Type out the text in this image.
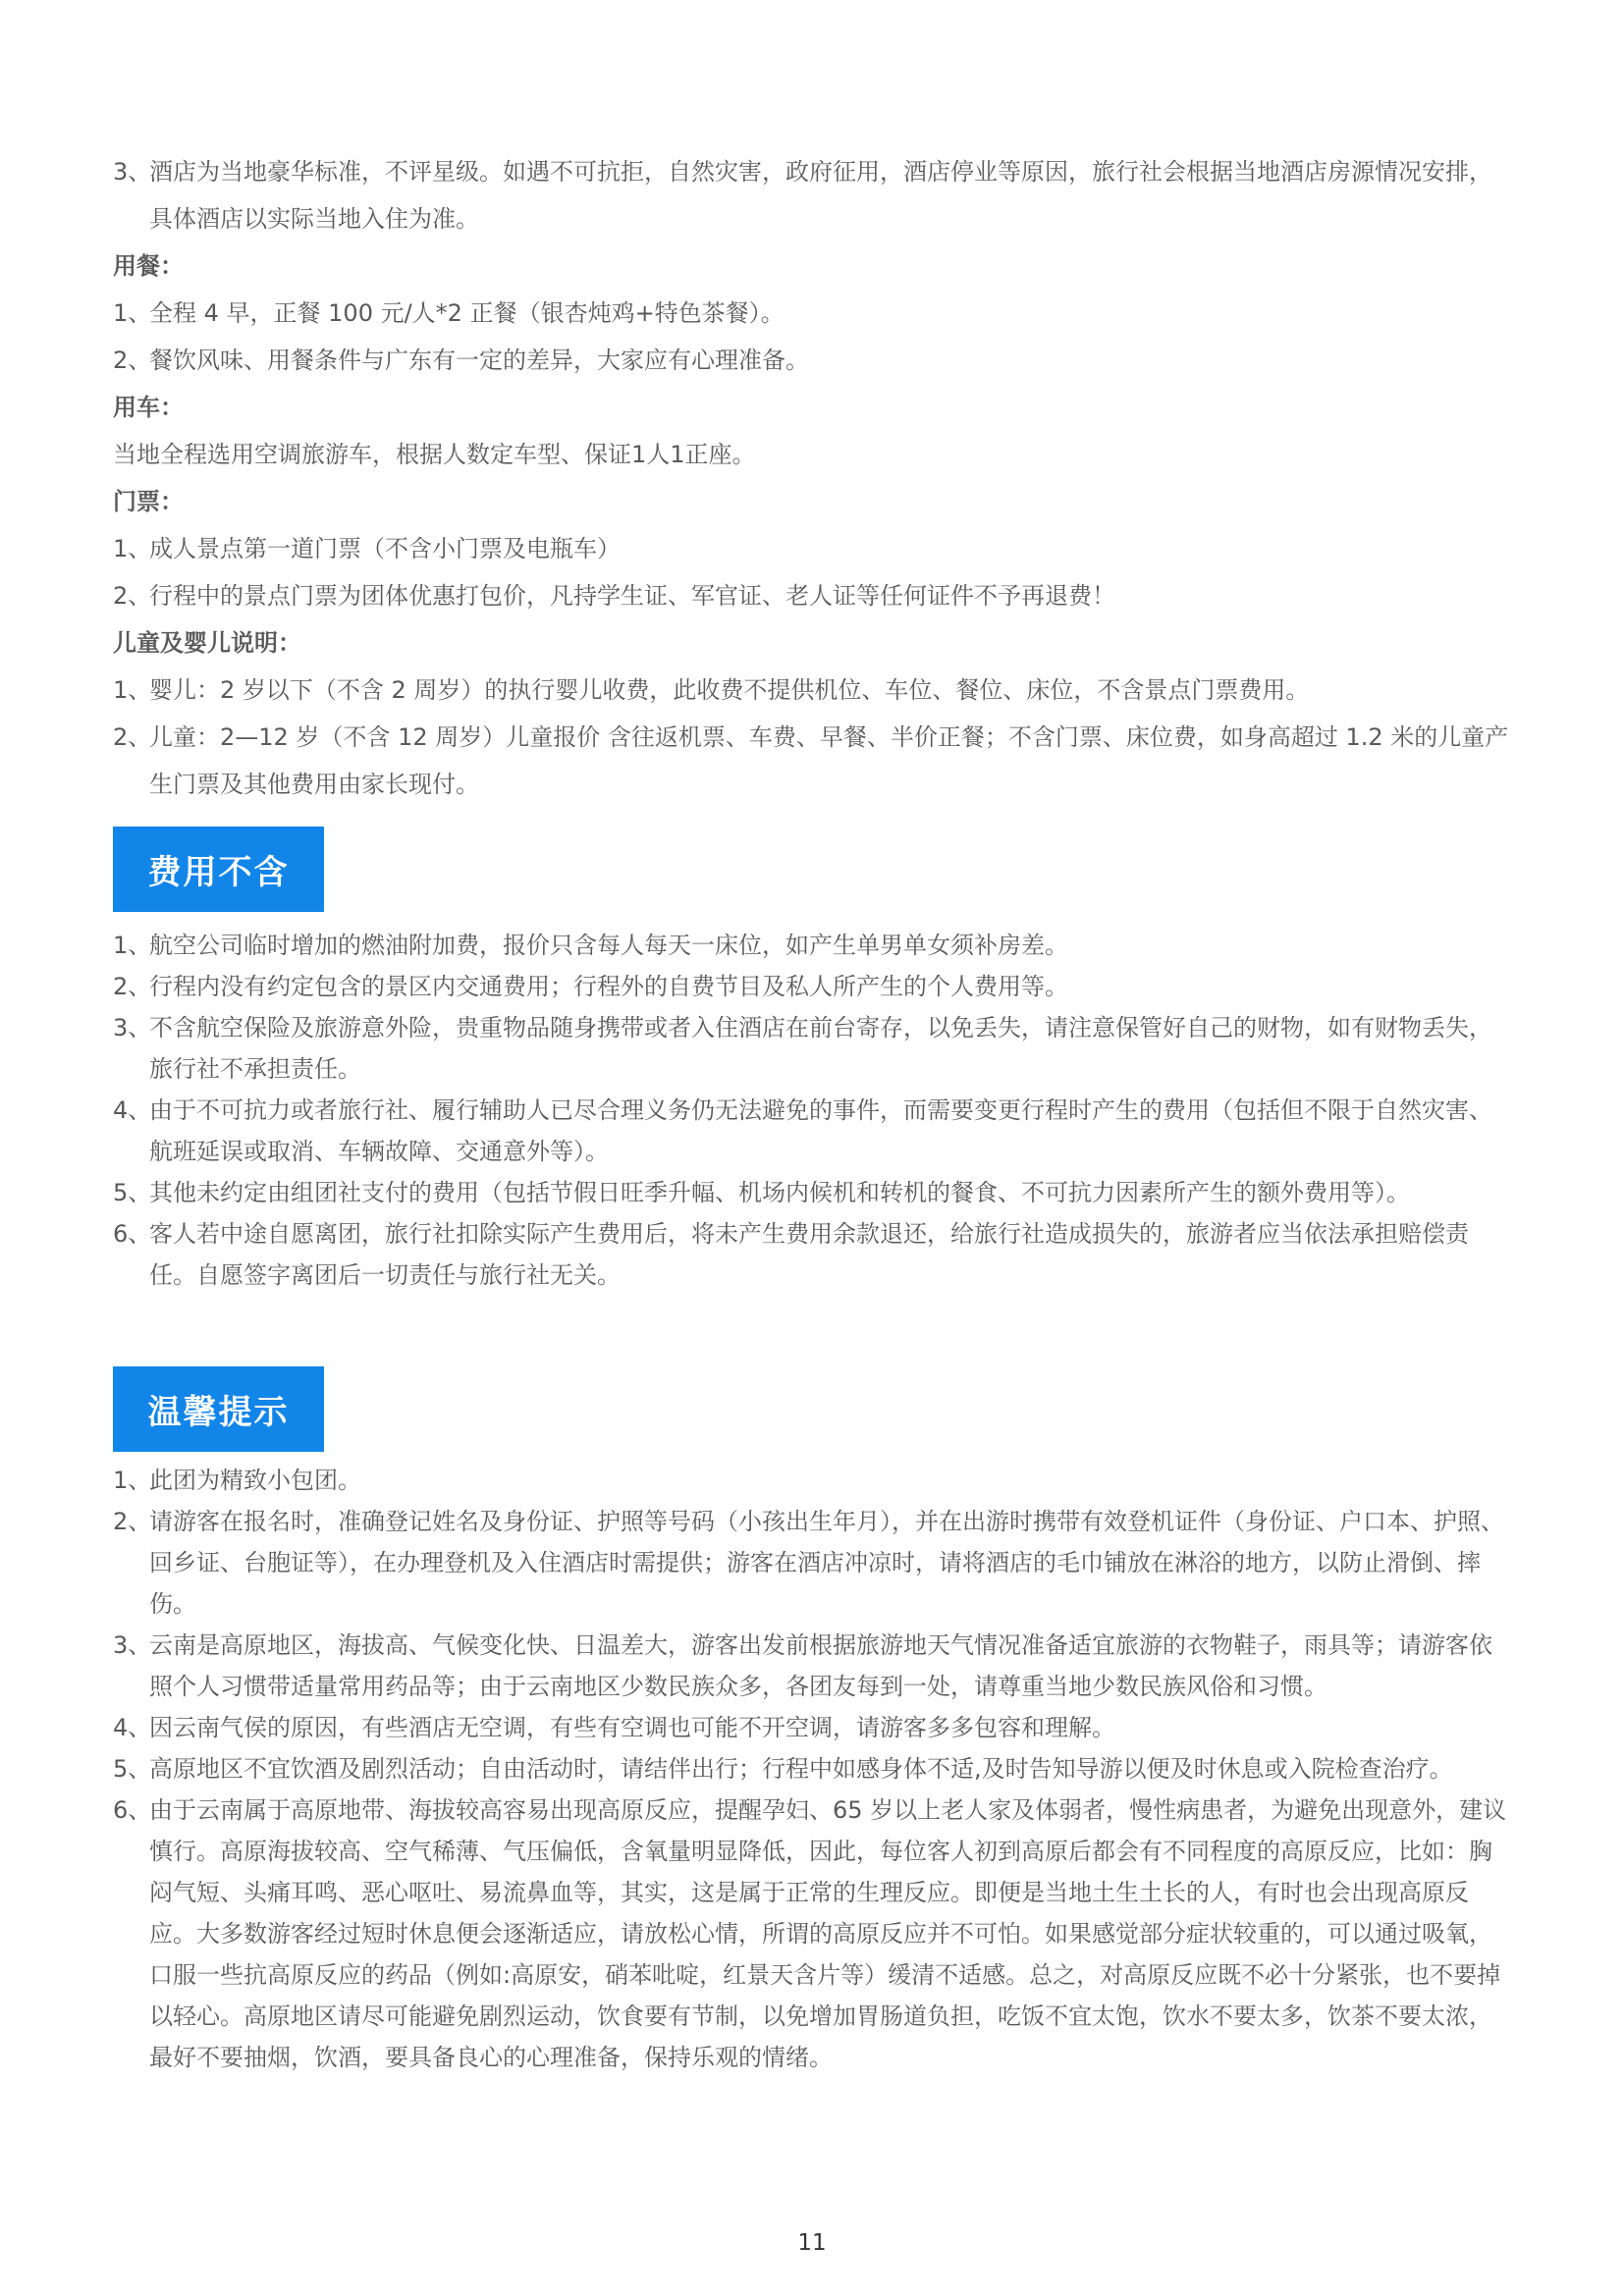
3、酒店为当地豪华标准，不评星级。如遇不可抗拒，自然灾害，政府征用，酒店停业等原因，旅行社会根据当地酒店房源情况安排，具体酒店以实际当地入住为准。
用餐：
1、全程 4 早，正餐 100 元/人*2 正餐（银杏炖鸡+特色茶餐）。
2、餐饮风味、用餐条件与广东有一定的差异，大家应有心理准备。
用车：
当地全程选用空调旅游车，根据人数定车型、保证1人1正座。
门票：
1、成人景点第一道门票（不含小门票及电瓶车）
2、行程中的景点门票为团体优惠打包价，凡持学生证、军官证、老人证等任何证件不予再退费！
儿童及婴儿说明：
1、婴儿：2 岁以下（不含 2 周岁）的执行婴儿收费，此收费不提供机位、车位、餐位、床位，不含景点门票费用。
2、儿童：2—12 岁（不含 12 周岁）儿童报价 含往返机票、车费、早餐、半价正餐；不含门票、床位费，如身高超过 1.2 米的儿童产生门票及其他费用由家长现付。
费用不含
1、航空公司临时增加的燃油附加费，报价只含每人每天一床位，如产生单男单女须补房差。
2、行程内没有约定包含的景区内交通费用；行程外的自费节目及私人所产生的个人费用等。
3、不含航空保险及旅游意外险，贵重物品随身携带或者入住酒店在前台寄存，以免丢失，请注意保管好自己的财物，如有财物丢失，旅行社不承担责任。
4、由于不可抗力或者旅行社、履行辅助人已尽合理义务仍无法避免的事件，而需要变更行程时产生的费用（包括但不限于自然灾害、航班延误或取消、车辆故障、交通意外等）。
5、其他未约定由组团社支付的费用（包括节假日旺季升幅、机场内候机和转机的餐食、不可抗力因素所产生的额外费用等）。
6、客人若中途自愿离团，旅行社扣除实际产生费用后，将未产生费用余款退还，给旅行社造成损失的，旅游者应当依法承担赔偿责任。自愿签字离团后一切责任与旅行社无关。
温馨提示
1、此团为精致小包团。
2、请游客在报名时，准确登记姓名及身份证、护照等号码（小孩出生年月），并在出游时携带有效登机证件（身份证、户口本、护照、回乡证、台胞证等），在办理登机及入住酒店时需提供；游客在酒店冲凉时，请将酒店的毛巾铺放在淋浴的地方，以防止滑倒、摔伤。
3、云南是高原地区，海拔高、气候变化快、日温差大，游客出发前根据旅游地天气情况准备适宜旅游的衣物鞋子，雨具等；请游客依照个人习惯带适量常用药品等；由于云南地区少数民族众多，各团友每到一处，请尊重当地少数民族风俗和习惯。
4、因云南气侯的原因，有些酒店无空调，有些有空调也可能不开空调，请游客多多包容和理解。
5、高原地区不宜饮酒及剧烈活动；自由活动时，请结伴出行；行程中如感身体不适,及时告知导游以便及时休息或入院检查治疗。
6、由于云南属于高原地带、海拔较高容易出现高原反应，提醒孕妇、65 岁以上老人家及体弱者，慢性病患者，为避免出现意外，建议慎行。高原海拔较高、空气稀薄、气压偏低，含氧量明显降低，因此，每位客人初到高原后都会有不同程度的高原反应，比如：胸闷气短、头痛耳鸣、恶心呕吐、易流鼻血等，其实，这是属于正常的生理反应。即便是当地土生土长的人，有时也会出现高原反应。大多数游客经过短时休息便会逐渐适应，请放松心情，所谓的高原反应并不可怕。如果感觉部分症状较重的，可以通过吸氧，口服一些抗高原反应的药品（例如:高原安，硝苯吡啶，红景天含片等）缓清不适感。总之，对高原反应既不必十分紧张，也不要掉以轻心。高原地区请尽可能避免剧烈运动，饮食要有节制，以免增加胃肠道负担，吃饭不宜太饱，饮水不要太多，饮茶不要太浓，最好不要抽烟，饮酒，要具备良心的心理准备，保持乐观的情绪。
11
